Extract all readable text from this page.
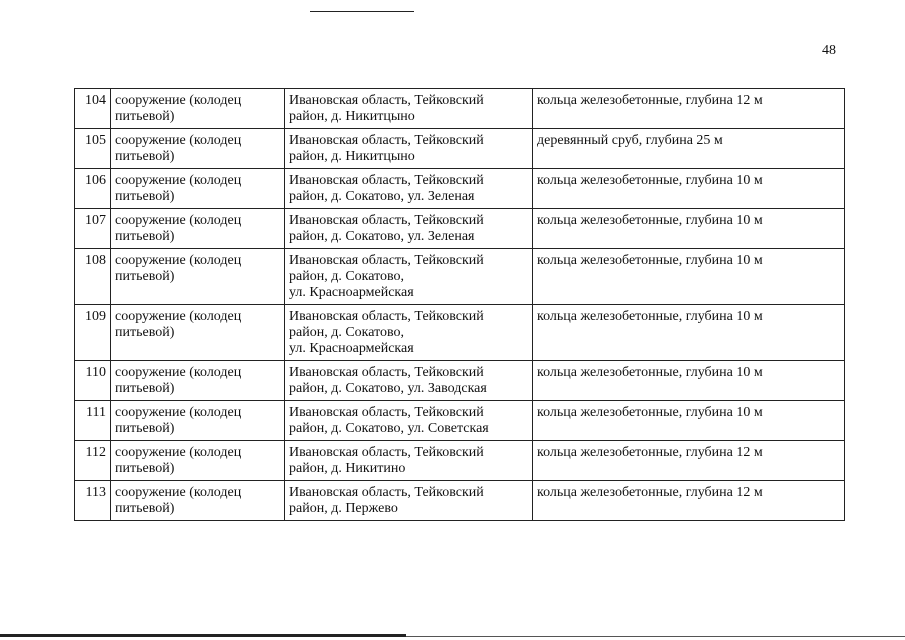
48
104	сооружение (колодец
питьевой)	Ивановская область, Тейковский
район, д. Никитцыно	кольца железобетонные, глубина 12 м
105	сооружение (колодец
питьевой)	Ивановская область, Тейковский
район, д. Никитцыно	деревянный сруб, глубина 25 м
106	сооружение (колодец
питьевой)	Ивановская область, Тейковский
район, д. Сокатово, ул. Зеленая	кольца железобетонные, глубина 10 м
107	сооружение (колодец
питьевой)	Ивановская область, Тейковский
район, д. Сокатово, ул. Зеленая	кольца железобетонные, глубина 10 м
108	сооружение (колодец
питьевой)	Ивановская область, Тейковский
район, д. Сокатово,
ул. Красноармейская	кольца железобетонные, глубина 10 м
109	сооружение (колодец
питьевой)	Ивановская область, Тейковский
район, д. Сокатово,
ул. Красноармейская	кольца железобетонные, глубина 10 м
110	сооружение (колодец
питьевой)	Ивановская область, Тейковский
район, д. Сокатово, ул. Заводская	кольца железобетонные, глубина 10 м
111	сооружение (колодец
питьевой)	Ивановская область, Тейковский
район, д. Сокатово, ул. Советская	кольца железобетонные, глубина 10 м
112	сооружение (колодец
питьевой)	Ивановская область, Тейковский
район, д. Никитино	кольца железобетонные, глубина 12 м
113	сооружение (колодец
питьевой)	Ивановская область, Тейковский
район, д. Пержево	кольца железобетонные, глубина 12 м
